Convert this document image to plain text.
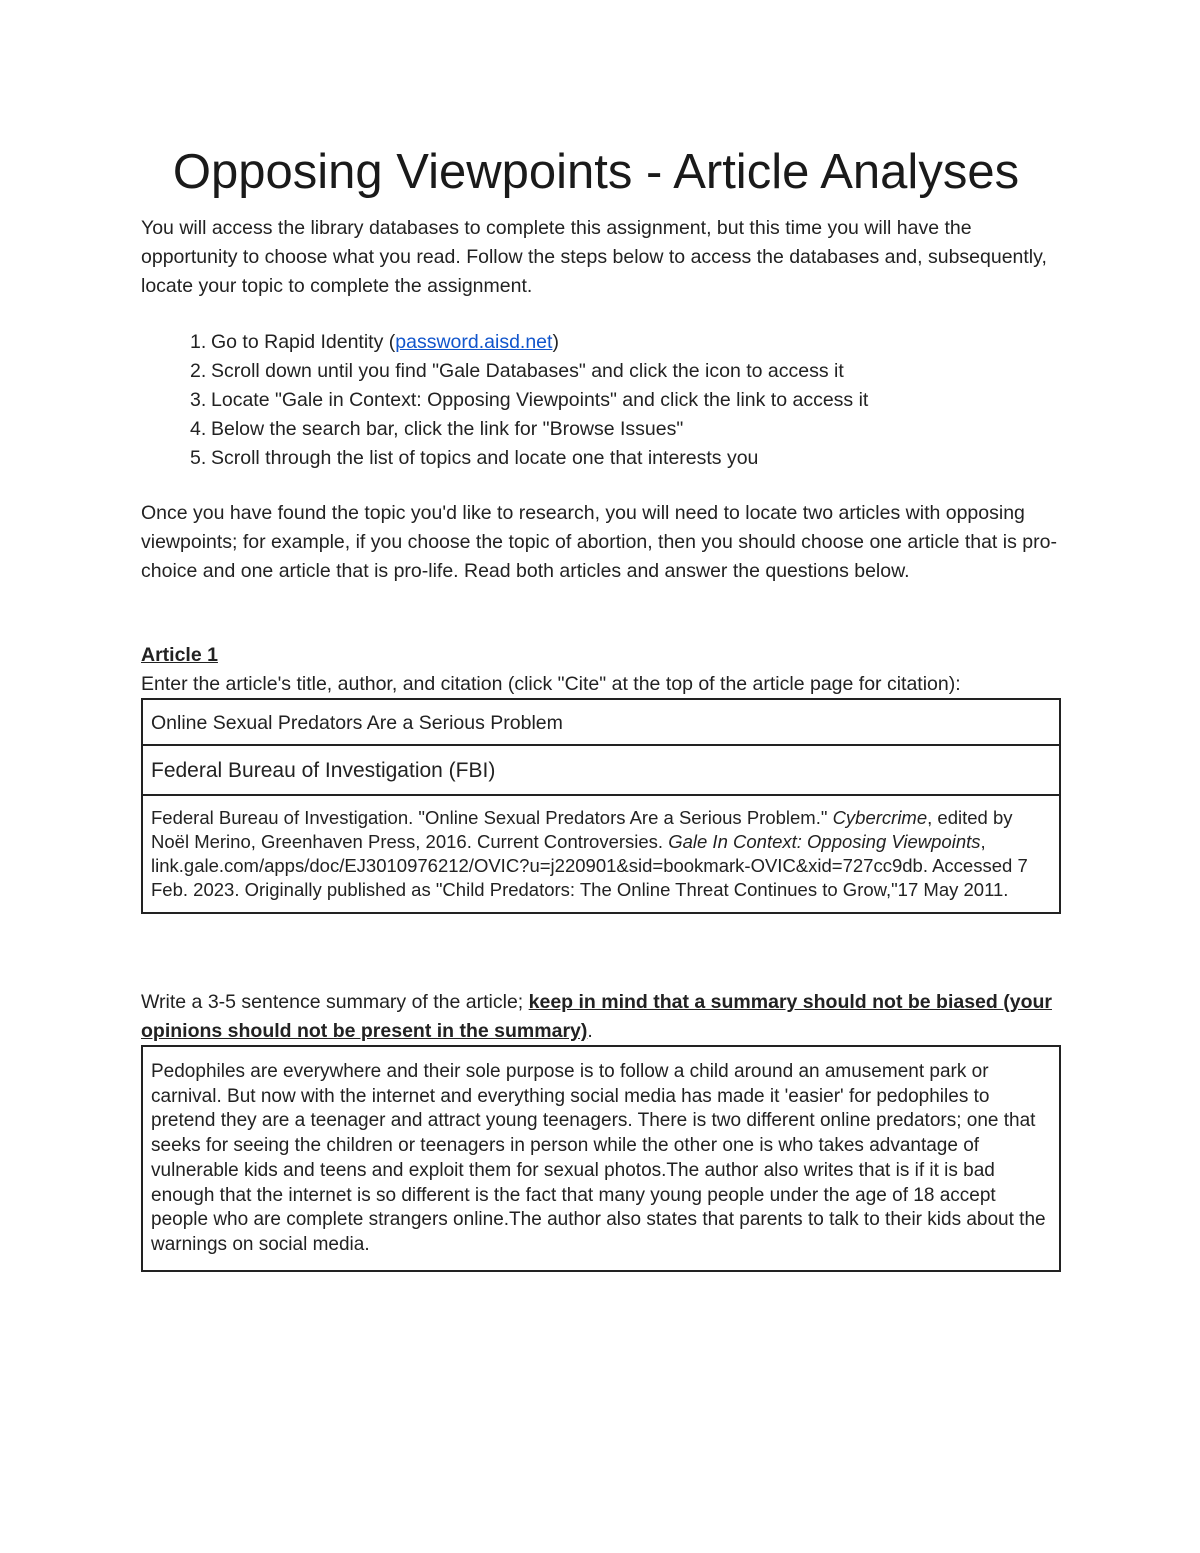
Opposing Viewpoints - Article Analyses

You will access the library databases to complete this assignment, but this time you will have the opportunity to choose what you read. Follow the steps below to access the databases and, subsequently, locate your topic to complete the assignment.

1. Go to Rapid Identity (password.aisd.net)
2. Scroll down until you find "Gale Databases" and click the icon to access it
3. Locate "Gale in Context: Opposing Viewpoints" and click the link to access it
4. Below the search bar, click the link for "Browse Issues"
5. Scroll through the list of topics and locate one that interests you

Once you have found the topic you'd like to research, you will need to locate two articles with opposing viewpoints; for example, if you choose the topic of abortion, then you should choose one article that is pro-choice and one article that is pro-life. Read both articles and answer the questions below.

Article 1

Enter the article's title, author, and citation (click "Cite" at the top of the article page for citation):

Online Sexual Predators Are a Serious Problem
Federal Bureau of Investigation (FBI)
Federal Bureau of Investigation. "Online Sexual Predators Are a Serious Problem." Cybercrime, edited by Noël Merino, Greenhaven Press, 2016. Current Controversies. Gale In Context: Opposing Viewpoints, link.gale.com/apps/doc/EJ3010976212/OVIC?u=j220901&sid=bookmark-OVIC&xid=727cc9db. Accessed 7 Feb. 2023. Originally published as "Child Predators: The Online Threat Continues to Grow,"17 May 2011.

Write a 3-5 sentence summary of the article; keep in mind that a summary should not be biased (your opinions should not be present in the summary).

Pedophiles are everywhere and their sole purpose is to follow a child around an amusement park or carnival. But now with the internet and everything social media has made it 'easier' for pedophiles to pretend they are a teenager and attract young teenagers. There is two different online predators; one that seeks for seeing the children or teenagers in person while the other one is who takes advantage of vulnerable kids and teens and exploit them for sexual photos.The author also writes that is if it is bad enough that the internet is so different is the fact that many young people under the age of 18 accept people who are complete strangers online.The author also states that parents to talk to their kids about the warnings on social media.
